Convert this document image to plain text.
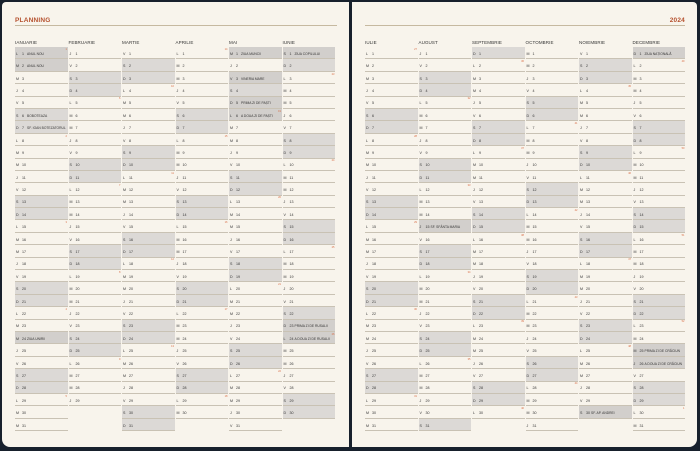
PLANNING
IANUARIE
L 1 ANUL NOU
1
M 2 ANUL NOU
M 3
J 4
V 5
S 6 BOBOTEAZA
D 7 SF. IOAN BOTEZATORUL
L 8
2
M 9
M 10
J 11
V 12
S 13
D 14
L 15
3
M 16
M 17
J 18
V 19
S 20
D 21
L 22
4
M 23
M 24 ZIUA UNIRII
J 25
V 26
S 27
D 28
L 29
5
M 30
M 31
FEBRUARIE
J 1
V 2
S 3
D 4
L 5
6
M 6
M 7
J 8
V 9
S 10
D 11
L 12
7
M 13
M 14
J 15
V 16
S 17
D 18
L 19
8
M 20
M 21
J 22
V 23
S 24
D 25
L 26
9
M 27
M 28
J 29
MARTIE
V 1
S 2
D 3
L 4
10
M 5
M 6
J 7
V 8
S 9
D 10
L 11
11
M 12
M 13
J 14
V 15
S 16
D 17
L 18
12
M 19
M 20
J 21
V 22
S 23
D 24
L 25
13
M 26
M 27
J 28
V 29
S 30
D 31
APRILIE
L 1
14
M 2
M 3
J 4
V 5
S 6
D 7
L 8
15
M 9
M 10
J 11
V 12
S 13
D 14
L 15
16
M 16
M 17
J 18
V 19
S 20
D 21
L 22
17
M 23
M 24
J 25
V 26
S 27
D 28
L 29
18
M 30
MAI
M 1 ZIUA MUNCII
J 2
V 3 VINERIA MARE
S 4
D 5 PRIMA ZI DE PAȘTI
L 6 A DOUA ZI DE PAȘTI
19
M 7
M 8
J 9
V 10
S 11
D 12
L 13
20
M 14
M 15
J 16
V 17
S 18
D 19
L 20
21
M 21
M 22
J 23
V 24
S 25
D 26
L 27
22
M 28
M 29
J 30
V 31
IUNIE
S 1 ZIUA COPILULUI
D 2
L 3
23
M 4
M 5
J 6
V 7
S 8
D 9
L 10
24
M 11
M 12
J 13
V 14
S 15
D 16
L 17
25
M 18
M 19
J 20
V 21
S 22
D 23 PRIMA ZI DE RUSALII
L 24 A DOUA ZI DE RUSALII
26
M 25
M 26
J 27
V 28
S 29
D 30
2024
IULIE
L 1
27
M 2
M 3
J 4
V 5
S 6
D 7
L 8
28
M 9
M 10
J 11
V 12
S 13
D 14
L 15
29
M 16
M 17
J 18
V 19
S 20
D 21
L 22
30
M 23
M 24
J 25
V 26
S 27
D 28
L 29
31
M 30
M 31
AUGUST
J 1
V 2
S 3
D 4
L 5
32
M 6
M 7
J 8
V 9
S 10
D 11
L 12
33
M 13
M 14
J 15 SF. SFÂNTA MARIA
V 16
S 17
D 18
L 19
34
M 20
M 21
J 22
V 23
S 24
D 25
L 26
35
M 27
M 28
J 29
V 30
S 31
SEPTEMBRIE
D 1
L 2
36
M 3
M 4
J 5
V 6
S 7
D 8
L 9
37
M 10
M 11
J 12
V 13
S 14
D 15
L 16
38
M 17
M 18
J 19
V 20
S 21
D 22
L 23
39
M 24
M 25
J 26
V 27
S 28
D 29
L 30
40
OCTOMBRIE
M 1
M 2
J 3
V 4
S 5
D 6
L 7
41
M 8
M 9
J 10
V 11
S 12
D 13
L 14
42
M 15
M 16
J 17
V 18
S 19
D 20
L 21
43
M 22
M 23
J 24
V 25
S 26
D 27
L 28
44
M 29
M 30
J 31
NOIEMBRIE
V 1
S 2
D 3
L 4
45
M 5
M 6
J 7
V 8
S 9
D 10
L 11
46
M 12
M 13
J 14
V 15
S 16
D 17
L 18
47
M 19
M 20
J 21
V 22
S 23
D 24
L 25
48
M 26
M 27
J 28
V 29
S 30 SF. AP. ANDREI
DECEMBRIE
D 1 ZIUA NAȚIONALĂ
L 2
49
M 3
M 4
J 5
V 6
S 7
D 8
L 9
50
M 10
M 11
J 12
V 13
S 14
D 15
L 16
51
M 17
M 18
J 19
V 20
S 21
D 22
L 23
52
M 24
M 25 PRIMA ZI DE CRĂCIUN
J 26 A DOUA ZI DE CRĂCIUN
V 27
S 28
D 29
L 30
1
M 31
